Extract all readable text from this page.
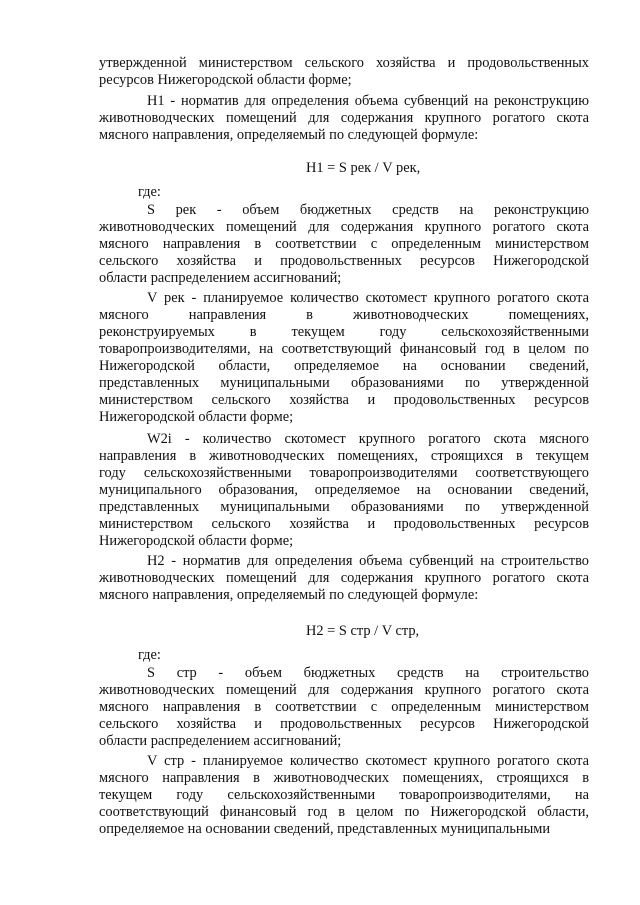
утвержденной министерством сельского хозяйства и продовольственных
ресурсов Нижегородской области форме;
Н1 - норматив для определения объема субвенций на реконструкцию
животноводческих помещений для содержания крупного рогатого скота
мясного направления, определяемый по следующей формуле:
Н1 = S рек / V рек,
где:
S рек - объем бюджетных средств на реконструкцию
животноводческих помещений для содержания крупного рогатого скота
мясного направления в соответствии с определенным министерством
сельского хозяйства и продовольственных ресурсов Нижегородской
области распределением ассигнований;
V рек - планируемое количество скотомест крупного рогатого скота
мясного направления в животноводческих помещениях,
реконструируемых в текущем году сельскохозяйственными
товаропроизводителями, на соответствующий финансовый год в целом по
Нижегородской области, определяемое на основании сведений,
представленных муниципальными образованиями по утвержденной
министерством сельского хозяйства и продовольственных ресурсов
Нижегородской области форме;
W2i - количество скотомест крупного рогатого скота мясного
направления в животноводческих помещениях, строящихся в текущем
году сельскохозяйственными товаропроизводителями соответствующего
муниципального образования, определяемое на основании сведений,
представленных муниципальными образованиями по утвержденной
министерством сельского хозяйства и продовольственных ресурсов
Нижегородской области форме;
Н2 - норматив для определения объема субвенций на строительство
животноводческих помещений для содержания крупного рогатого скота
мясного направления, определяемый по следующей формуле:
Н2 = S стр / V стр,
где:
S стр - объем бюджетных средств на строительство
животноводческих помещений для содержания крупного рогатого скота
мясного направления в соответствии с определенным министерством
сельского хозяйства и продовольственных ресурсов Нижегородской
области распределением ассигнований;
V стр - планируемое количество скотомест крупного рогатого скота
мясного направления в животноводческих помещениях, строящихся в
текущем году сельскохозяйственными товаропроизводителями, на
соответствующий финансовый год в целом по Нижегородской области,
определяемое на основании сведений, представленных муниципальными
